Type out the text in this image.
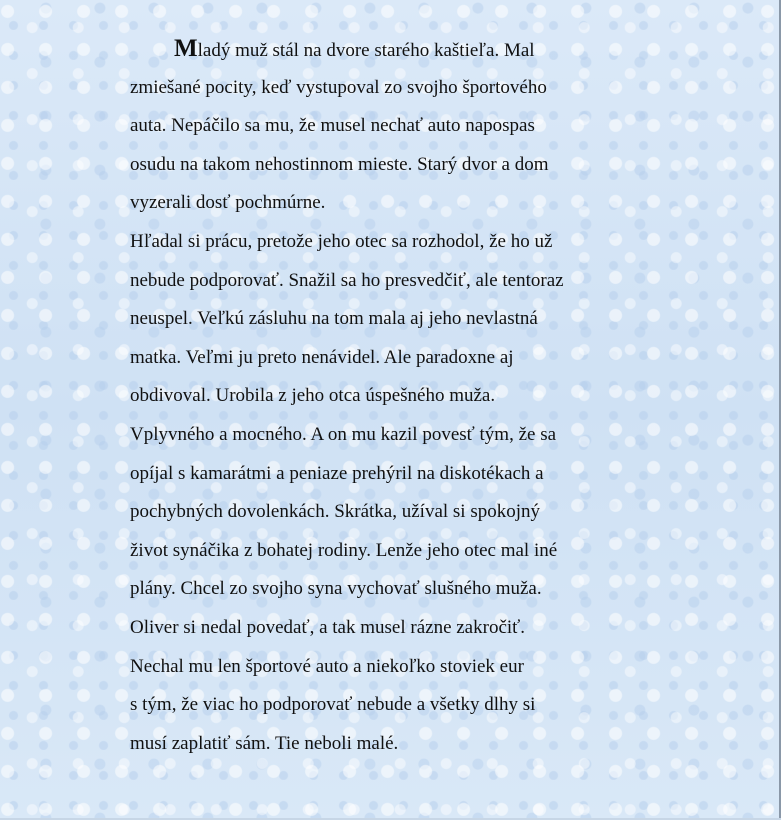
Mladý muž stál na dvore starého kaštieľa. Mal
zmiešané pocity, keď vystupoval zo svojho športového
auta. Nepáčilo sa mu, že musel nechať auto napospas
osudu na takom nehostinnom mieste. Starý dvor a dom
vyzerali dosť pochmúrne.
Hľadal si prácu, pretože jeho otec sa rozhodol, že ho už
nebude podporovať. Snažil sa ho presvedčiť, ale tentoraz
neuspel. Veľkú zásluhu na tom mala aj jeho nevlastná
matka. Veľmi ju preto nenávidel. Ale paradoxne aj
obdivoval. Urobila z jeho otca úspešného muža.
Vplyvného a mocného. A on mu kazil povesť tým, že sa
opíjal s kamarátmi a peniaze prehýril na diskotékach a
pochybných dovolenkách. Skrátka, užíval si spokojný
život synáčika z bohatej rodiny. Lenže jeho otec mal iné
plány. Chcel zo svojho syna vychovať slušného muža.
Oliver si nedal povedať, a tak musel rázne zakročiť.
Nechal mu len športové auto a niekoľko stoviek eur
s tým, že viac ho podporovať nebude a všetky dlhy si
musí zaplatiť sám. Tie neboli malé.
